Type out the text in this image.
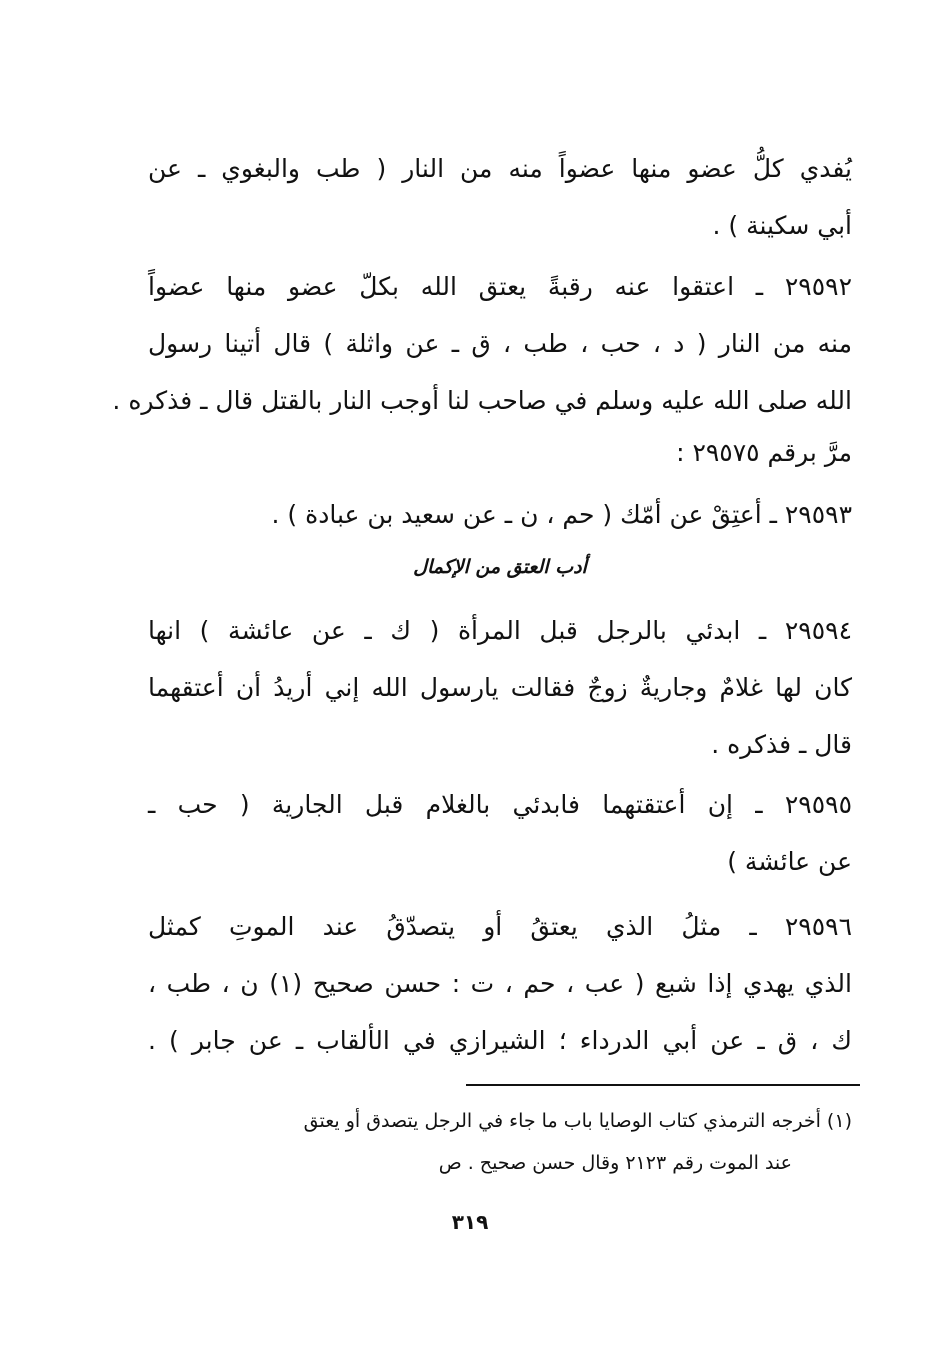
يُفدي كلُّ عضو منها عضواً منه من النار ( طب والبغوي ـ عن
أبي سكينة ) .
٢٩٥٩٢ ـ اعتقوا عنه رقبةً يعتق الله بكلّ عضو منها عضواً
منه من النار ( د ، حب ، طب ، ق ـ عن واثلة ) قال أتينا رسول
الله صلى الله عليه وسلم في صاحب لنا أوجب النار بالقتل قال ـ فذكره .
مرَّ برقم ٢٩٥٧٥ :
٢٩٥٩٣ ـ أعتِقْ عن أمّك ( حم ، ن ـ عن سعيد بن عبادة ) .
أدب العتق من الإكمال
٢٩٥٩٤ ـ ابدئي بالرجل قبل المرأة ( ك ـ عن عائشة ) انها
كان لها غلامٌ وجاريةٌ زوجٌ فقالت يارسول الله إني أريدُ أن أعتقهما
قال ـ فذكره .
٢٩٥٩٥ ـ إن أعتقتهما فابدئي بالغلام قبل الجارية ( حب ـ
عن عائشة )
٢٩٥٩٦ ـ مثلُ الذي يعتقُ أو يتصدّقُ عند الموتِ كمثل
الذي يهدي إذا شبع ( عب ، حم ، ت : حسن صحيح (١) ن ، طب ،
ك ، ق ـ عن أبي الدرداء ؛ الشيرازي في الألقاب ـ عن جابر ) .
(١) أخرجه الترمذي كتاب الوصايا باب ما جاء في الرجل يتصدق أو يعتق
عند الموت رقم ٢١٢٣ وقال حسن صحيح . ص
٣١٩
